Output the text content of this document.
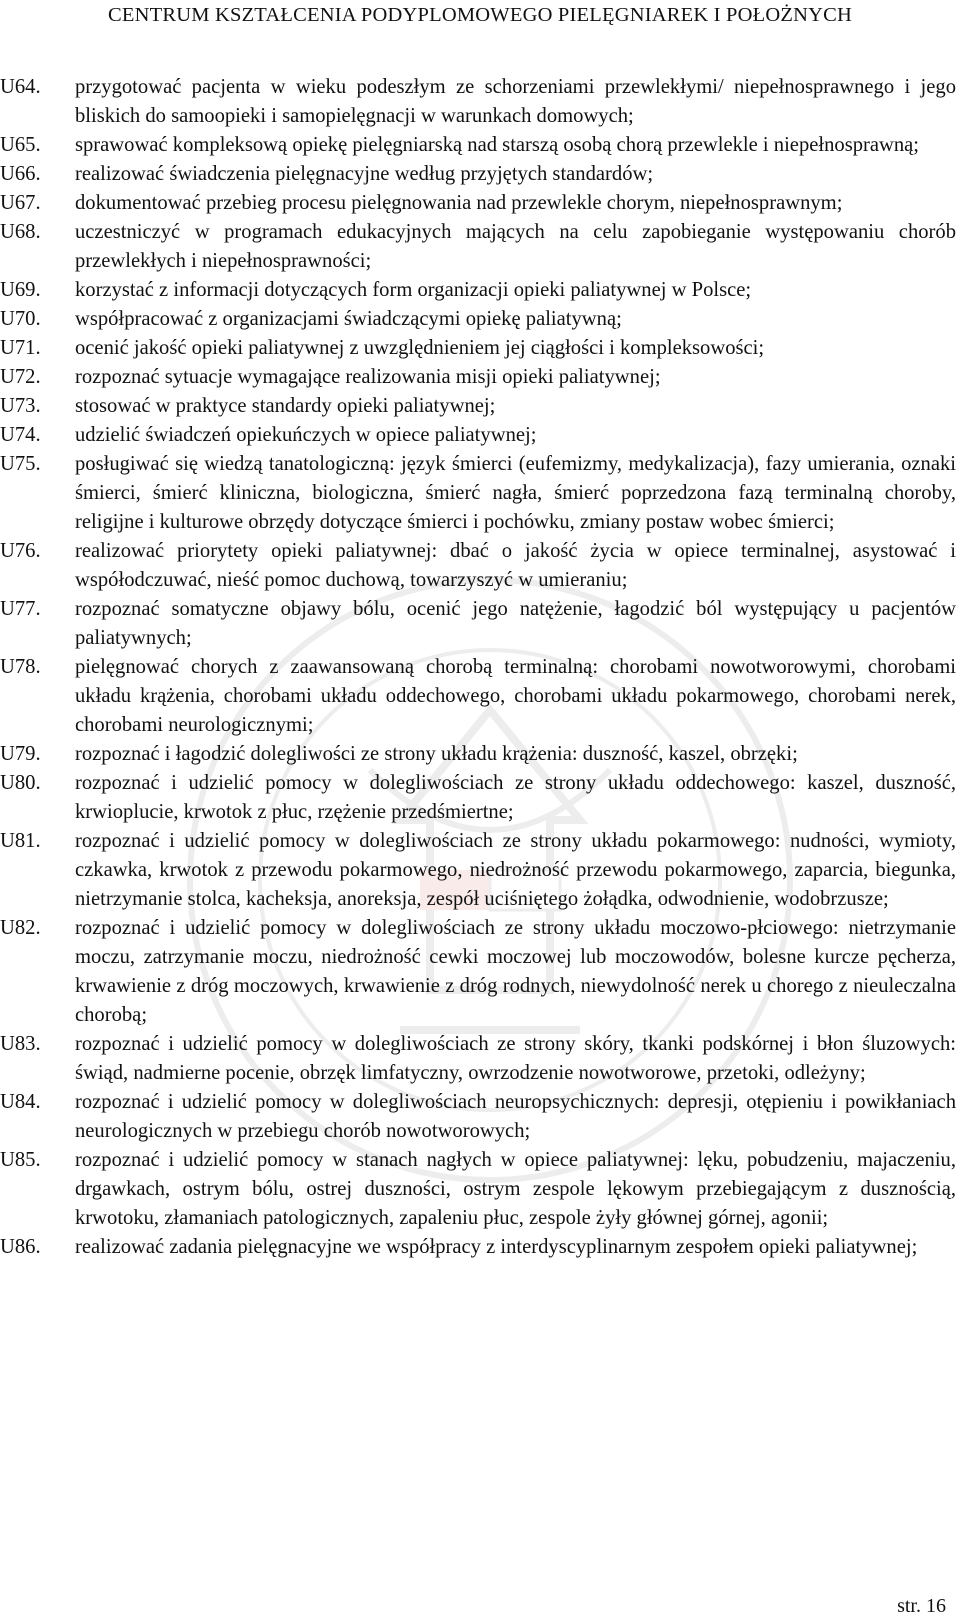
CENTRUM KSZTAŁCENIA PODYPLOMOWEGO PIELĘGNIAREK I POŁOŻNYCH
U64.	przygotować pacjenta w wieku podeszłym ze schorzeniami przewlekłymi/ niepełnosprawnego i jego bliskich do samoopieki i samopielęgnacji w warunkach domowych;
U65.	sprawować kompleksową opiekę pielęgniarską nad starszą osobą chorą przewlekle i niepełnosprawną;
U66.	realizować świadczenia pielęgnacyjne według przyjętych standardów;
U67.	dokumentować przebieg procesu pielęgnowania nad przewlekle chorym, niepełnosprawnym;
U68.	uczestniczyć w programach edukacyjnych mających na celu zapobieganie występowaniu chorób przewlekłych i niepełnosprawności;
U69.	korzystać z informacji dotyczących form organizacji opieki paliatywnej w Polsce;
U70.	współpracować z organizacjami świadczącymi opiekę paliatywną;
U71.	ocenić jakość opieki paliatywnej z uwzględnieniem jej ciągłości i kompleksowości;
U72.	rozpoznać sytuacje wymagające realizowania misji opieki paliatywnej;
U73.	stosować w praktyce standardy opieki paliatywnej;
U74.	udzielić świadczeń opiekuńczych w opiece paliatywnej;
U75.	posługiwać się wiedzą tanatologiczną: język śmierci (eufemizmy, medykalizacja), fazy umierania, oznaki śmierci, śmierć kliniczna, biologiczna, śmierć nagła, śmierć poprzedzona fazą terminalną choroby, religijne i kulturowe obrzędy dotyczące śmierci i pochówku, zmiany postaw wobec śmierci;
U76.	realizować priorytety opieki paliatywnej: dbać o jakość życia w opiece terminalnej, asystować i współodczuwać, nieść pomoc duchową, towarzyszyć w umieraniu;
U77.	rozpoznać somatyczne objawy bólu, ocenić jego natężenie, łagodzić ból występujący u pacjentów paliatywnych;
U78.	pielęgnować chorych z zaawansowaną chorobą terminalną: chorobami nowotworowymi, chorobami układu krążenia, chorobami układu oddechowego, chorobami układu pokarmowego, chorobami nerek, chorobami neurologicznymi;
U79.	rozpoznać i łagodzić dolegliwości ze strony układu krążenia: duszność, kaszel, obrzęki;
U80.	rozpoznać i udzielić pomocy w dolegliwościach ze strony układu oddechowego: kaszel, duszność, krwioplucie, krwotok z płuc, rzężenie przedśmiertne;
U81.	rozpoznać i udzielić pomocy w dolegliwościach ze strony układu pokarmowego: nudności, wymioty, czkawka, krwotok z przewodu pokarmowego, niedrożność przewodu pokarmowego, zaparcia, biegunka, nietrzymanie stolca, kacheksja, anoreksja, zespół uciśniętego żołądka, odwodnienie, wodobrzusze;
U82.	rozpoznać i udzielić pomocy w dolegliwościach ze strony układu moczowo-płciowego: nietrzymanie moczu, zatrzymanie moczu, niedrożność cewki moczowej lub moczowodów, bolesne kurcze pęcherza, krwawienie z dróg moczowych, krwawienie z dróg rodnych, niewydolność nerek u chorego z nieuleczalna chorobą;
U83.	rozpoznać i udzielić pomocy w dolegliwościach ze strony skóry, tkanki podskórnej i błon śluzowych: świąd, nadmierne pocenie, obrzęk limfatyczny, owrzodzenie nowotworowe, przetoki, odleżyny;
U84.	rozpoznać i udzielić pomocy w dolegliwościach neuropsychicznych: depresji, otępieniu i powikłaniach neurologicznych w przebiegu chorób nowotworowych;
U85.	rozpoznać i udzielić pomocy w stanach nagłych w opiece paliatywnej: lęku, pobudzeniu, majaczeniu, drgawkach, ostrym bólu, ostrej duszności, ostrym zespole lękowym przebiegającym z dusznością, krwotoku, złamaniach patologicznych, zapaleniu płuc, zespole żyły głównej górnej, agonii;
U86.	realizować zadania pielęgnacyjne we współpracy z interdyscyplinarnym zespołem opieki paliatywnej;
str. 16
